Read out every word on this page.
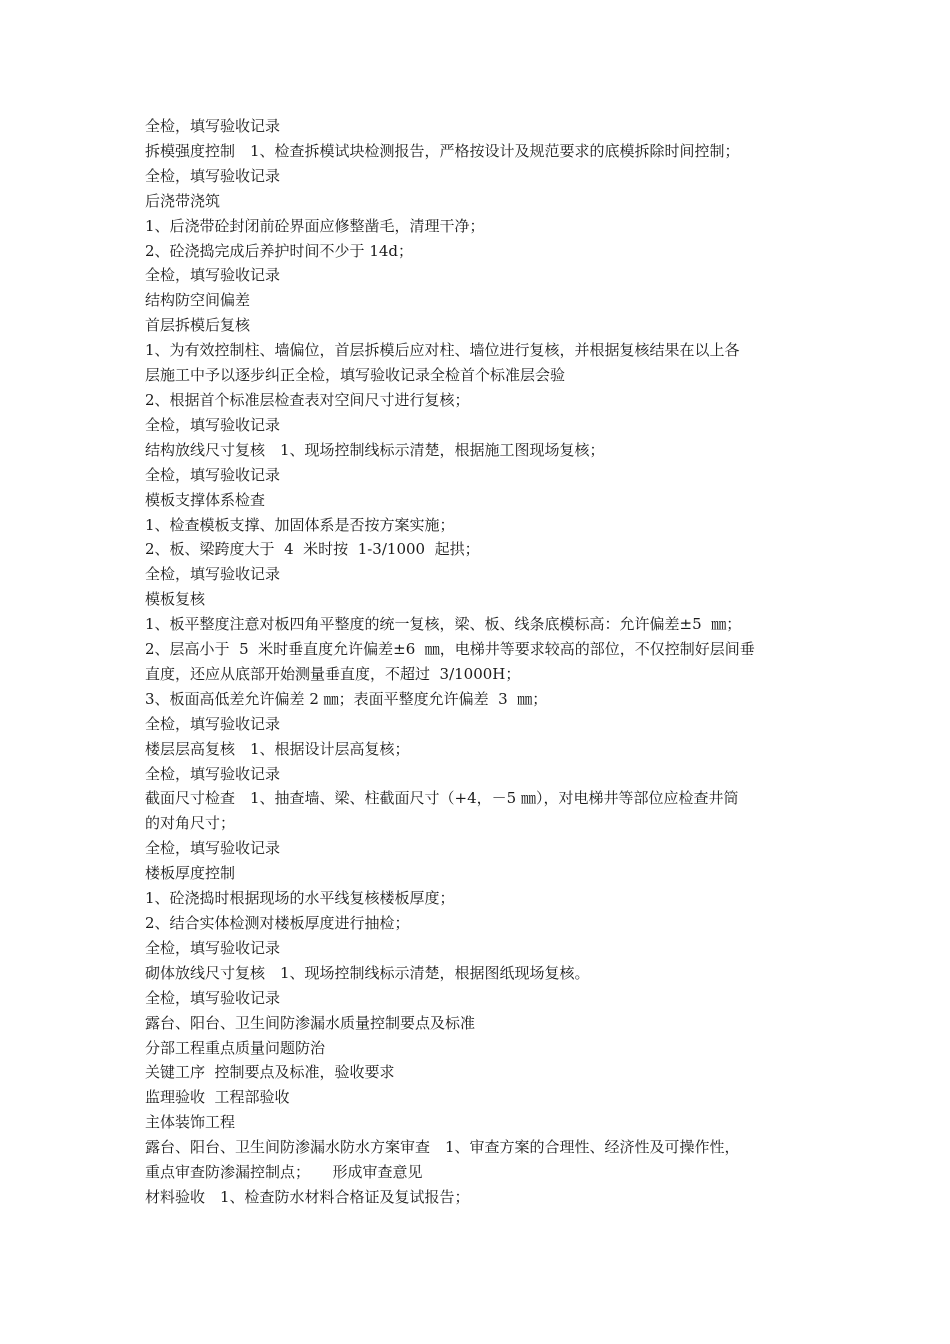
全检，填写验收记录

拆模强度控制　1、检查拆模试块检测报告，严格按设计及规范要求的底模拆除时间控制；

全检，填写验收记录

后浇带浇筑

1、后浇带砼封闭前砼界面应修整凿毛，清理干净；

2、砼浇捣完成后养护时间不少于 14d；

全检，填写验收记录

结构防空间偏差

首层拆模后复核

1、为有效控制柱、墙偏位，首层拆模后应对柱、墙位进行复核，并根据复核结果在以上各

层施工中予以逐步纠正全检，填写验收记录全检首个标准层会验

2、根据首个标准层检查表对空间尺寸进行复核；

全检，填写验收记录

结构放线尺寸复核　1、现场控制线标示清楚，根据施工图现场复核；

全检，填写验收记录

模板支撑体系检查

1、检查模板支撑、加固体系是否按方案实施；

2、板、梁跨度大于  4  米时按  1-3/1000  起拱；

全检，填写验收记录

模板复核

1、板平整度注意对板四角平整度的统一复核，梁、板、线条底模标高：允许偏差±5  ㎜；

2、层高小于  5  米时垂直度允许偏差±6  ㎜，电梯井等要求较高的部位，不仅控制好层间垂

直度，还应从底部开始测量垂直度，不超过  3/1000H；

3、板面高低差允许偏差 2 ㎜；表面平整度允许偏差  3  ㎜；

全检，填写验收记录

楼层层高复核　1、根据设计层高复核；

全检，填写验收记录

截面尺寸检查　1、抽查墙、梁、柱截面尺寸（+4，－5 ㎜），对电梯井等部位应检查井筒

的对角尺寸；

全检，填写验收记录

楼板厚度控制

1、砼浇捣时根据现场的水平线复核楼板厚度；

2、结合实体检测对楼板厚度进行抽检；

全检，填写验收记录

砌体放线尺寸复核　1、现场控制线标示清楚，根据图纸现场复核。

全检，填写验收记录

露台、阳台、卫生间防渗漏水质量控制要点及标准

分部工程重点质量问题防治

关键工序  控制要点及标准，验收要求

监理验收  工程部验收

主体装饰工程

露台、阳台、卫生间防渗漏水防水方案审查　1、审查方案的合理性、经济性及可操作性，

重点审查防渗漏控制点；　　形成审查意见

材料验收　1、检查防水材料合格证及复试报告；
